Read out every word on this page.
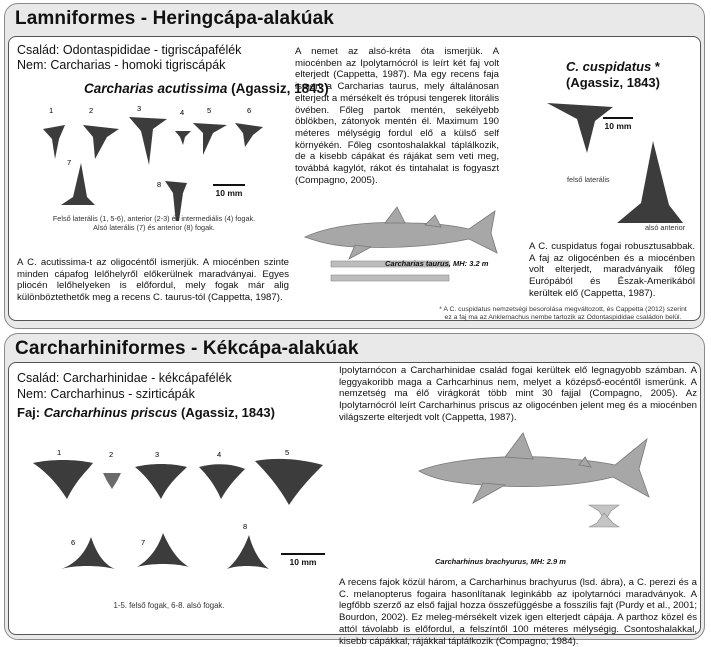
Lamniformes - Heringcápa-alakúak
Család: Odontaspididae - tigriscápafélék
Nem: Carcharias - homoki tigriscápák
Carcharias acutissima (Agassiz, 1843)
1	2	3	4	5	6
7
8
10 mm
Felső laterális (1, 5-6), anterior (2-3) és intermediális (4) fogak.
Alsó laterális (7) és anterior (8) fogak.
A C. acutissima-t az oligocéntől ismerjük. A miocénben szinte minden cápafog lelőhelyről előkerülnek maradványai. Egyes pliocén lelőhelyeken is előfordul, mely fogak már alig különböztethetők meg a recens C. taurus-tól (Cappetta, 1987).
A nemet az alsó-kréta óta ismerjük. A miocénben az Ipolytarnócról is leírt két faj volt elterjedt (Cappetta, 1987). Ma egy recens faja ismert a Carcharias taurus, mely általánosan elterjedt a mérsékelt és trópusi tengerek litorális övében. Főleg partok mentén, sekélyebb öblökben, zátonyok mentén él. Maximum 190 méteres mélységig fordul elő a külső self környékén. Főleg csontoshalakkal táplálkozik, de a kisebb cápákat és rájákat sem veti meg, továbbá kagylót, rákot és tintahalat is fogyaszt (Compagno, 2005).
Carcharias taurus, MH: 3.2 m
C. cuspidatus *
(Agassiz, 1843)
10 mm
felső laterális
alsó anterior
A C. cuspidatus fogai robusztusabbak. A faj az oligocénben és a miocénben volt elterjedt, maradványaik főleg Európából és Észak-Amerikából kerültek elő (Cappetta, 1987).
* A C. cuspidatus nemzetségi besorolása megváltozott, és Cappetta (2012) szerint
ez a faj ma az Anklemachus nembe tartozik az Odontaspididae családon belül.
Carcharhiniformes - Kékcápa-alakúak
Család: Carcharhinidae - kékcápafélék
Nem: Carcharhinus - szirticápák
Faj: Carcharhinus priscus (Agassiz, 1843)
1	2	3	4	5
6	7
8
10 mm
1-5. felső fogak, 6-8. alsó fogak.
Ipolytarnócon a Carcharhinidae család fogai kerültek elő legnagyobb számban. A leggyakoribb maga a Carhcarhinus nem, melyet a középső-eocéntől ismerünk. A nemzetség ma élő virágkorát több mint 30 fajjal (Compagno, 2005). Az Ipolytarnócról leírt Carcharhinus priscus az oligocénben jelent meg és a miocénben világszerte elterjedt volt (Cappetta, 1987).
Carcharhinus brachyurus, MH: 2.9 m
A recens fajok közül három, a Carcharhinus brachyurus (lsd. ábra), a C. perezi és a C. melanopterus fogaira hasonlítanak leginkább az ipolytarnóci maradványok. A legfőbb szerző az első fajjal hozza összefüggésbe a fosszilis fajt (Purdy et al., 2001; Bourdon, 2002). Ez meleg-mérsékelt vizek igen elterjedt cápája. A parthoz közel és attól távolabb is előfordul, a felszíntől 100 méteres mélységig. Csontoshalakkal, kisebb cápákkal, rájákkal táplálkozik (Compagno, 1984).
